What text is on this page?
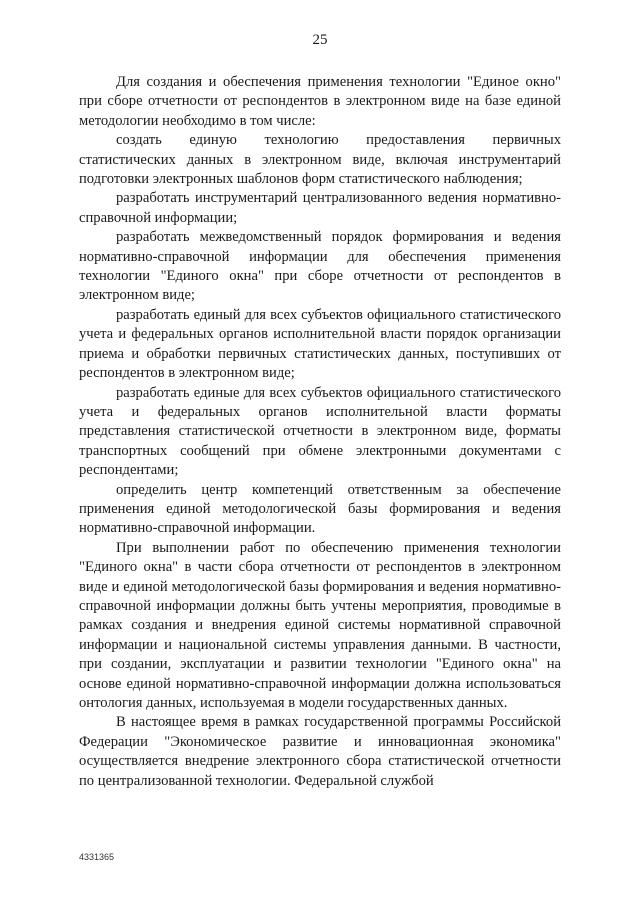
25

Для создания и обеспечения применения технологии "Единое окно" при сборе отчетности от респондентов в электронном виде на базе единой методологии необходимо в том числе:

создать единую технологию предоставления первичных статистических данных в электронном виде, включая инструментарий подготовки электронных шаблонов форм статистического наблюдения;

разработать инструментарий централизованного ведения нормативно-справочной информации;

разработать межведомственный порядок формирования и ведения нормативно-справочной информации для обеспечения применения технологии "Единого окна" при сборе отчетности от респондентов в электронном виде;

разработать единый для всех субъектов официального статистического учета и федеральных органов исполнительной власти порядок организации приема и обработки первичных статистических данных, поступивших от респондентов в электронном виде;

разработать единые для всех субъектов официального статистического учета и федеральных органов исполнительной власти форматы представления статистической отчетности в электронном виде, форматы транспортных сообщений при обмене электронными документами с респондентами;

определить центр компетенций ответственным за обеспечение применения единой методологической базы формирования и ведения нормативно-справочной информации.

При выполнении работ по обеспечению применения технологии "Единого окна" в части сбора отчетности от респондентов в электронном виде и единой методологической базы формирования и ведения нормативно-справочной информации должны быть учтены мероприятия, проводимые в рамках создания и внедрения единой системы нормативной справочной информации и национальной системы управления данными. В частности, при создании, эксплуатации и развитии технологии "Единого окна" на основе единой нормативно-справочной информации должна использоваться онтология данных, используемая в модели государственных данных.

В настоящее время в рамках государственной программы Российской Федерации "Экономическое развитие и инновационная экономика" осуществляется внедрение электронного сбора статистической отчетности по централизованной технологии. Федеральной службой

4331365
